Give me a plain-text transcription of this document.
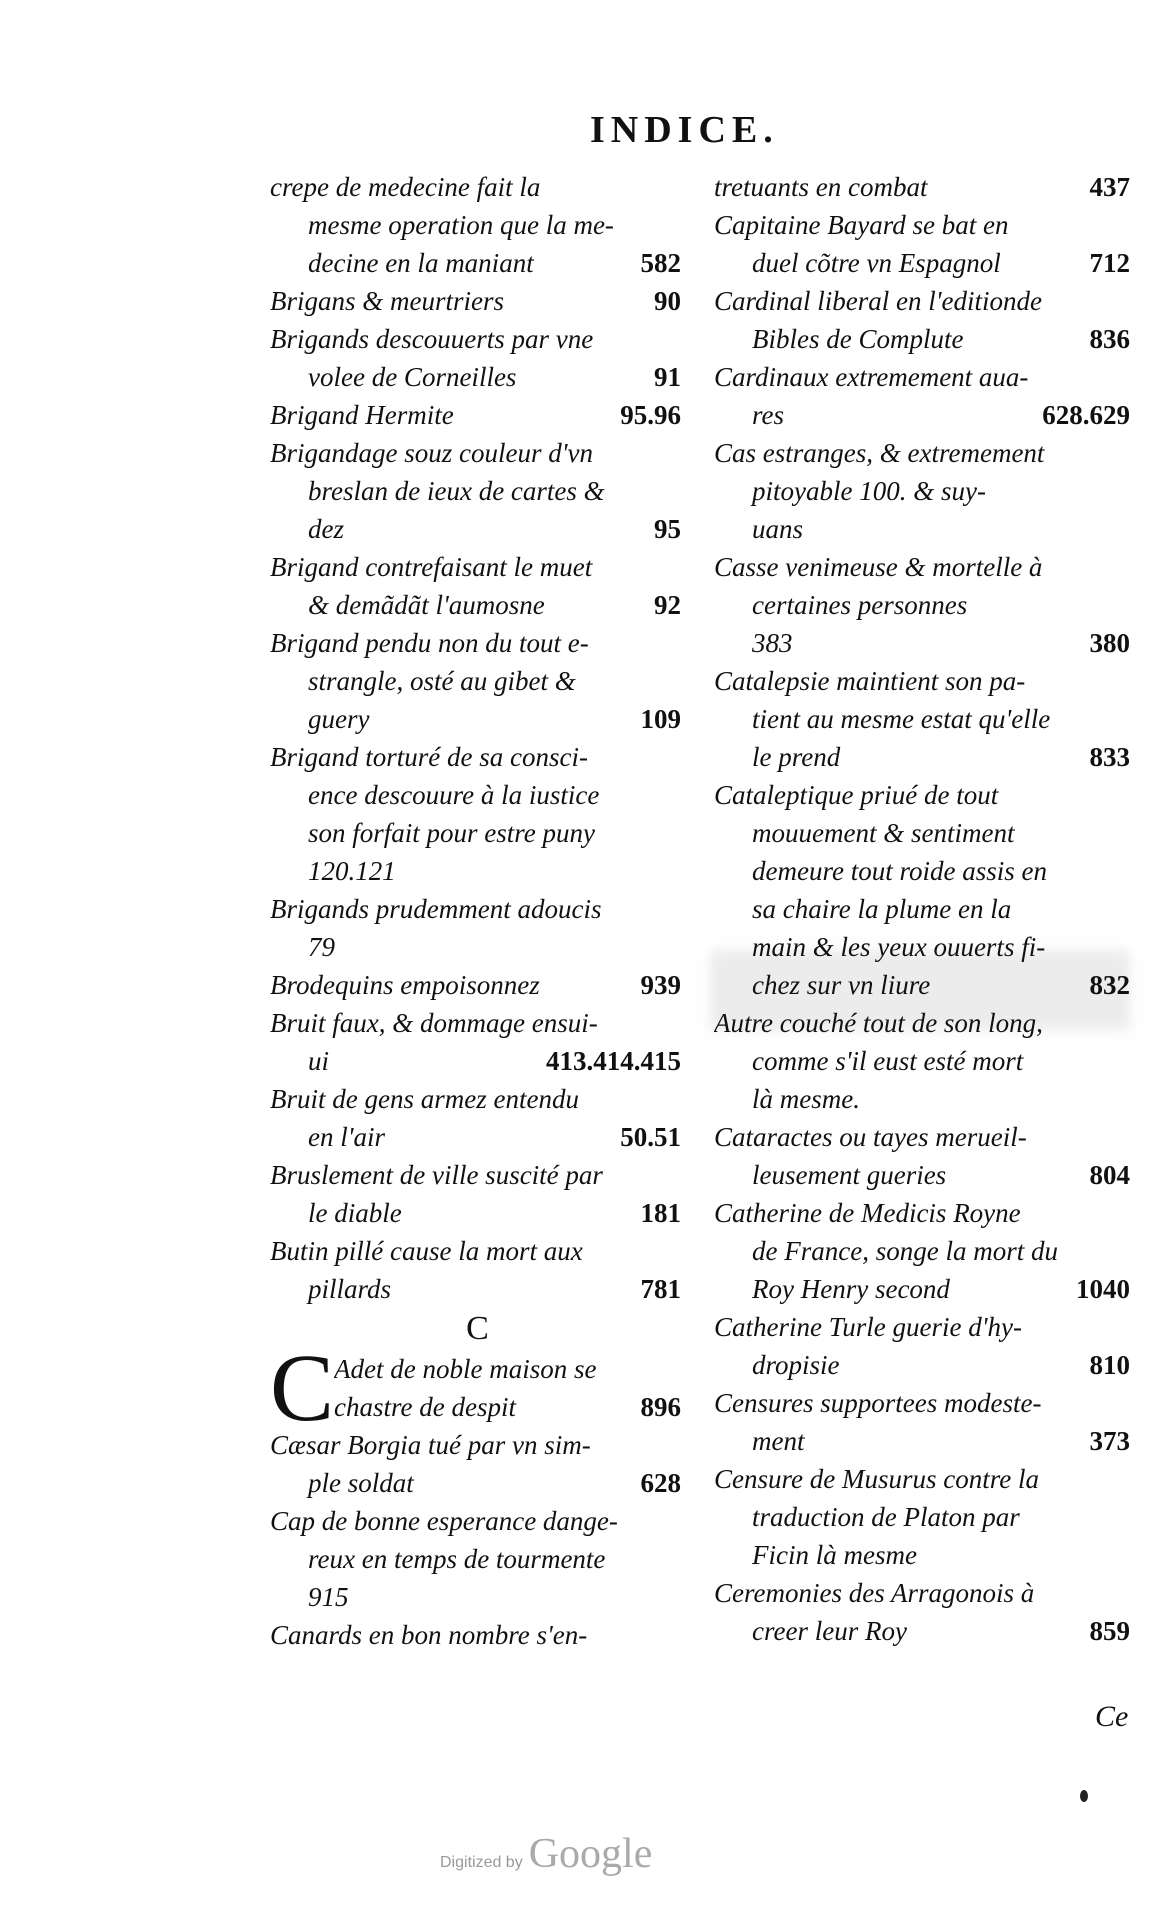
INDICE.
crepe de medecine fait la
mesme operation que la me-
decine en la maniant	582
Brigans & meurtriers	90
Brigands descouuerts par vne
volee de Corneilles	91
Brigand Hermite	95.96
Brigandage souz couleur d'vn
breslan de ieux de cartes &
dez	95
Brigand contrefaisant le muet
& demãdãt l'aumosne	92
Brigand pendu non du tout e-
strangle, osté au gibet &
guery	109
Brigand torturé de sa consci-
ence descouure à la iustice
son forfait pour estre puny
120.121
Brigands prudemment adoucis
79
Brodequins empoisonnez	939
Bruit faux, & dommage ensui-
ui	413.414.415
Bruit de gens armez entendu
en l'air	50.51
Bruslement de ville suscité par
le diable	181
Butin pillé cause la mort aux
pillards	781
C
C Adet de noble maison se
chastre de despit	896
Cæsar Borgia tué par vn sim-
ple soldat	628
Cap de bonne esperance dange-
reux en temps de tourmente
915
Canards en bon nombre s'en-
tretuants en combat	437
Capitaine Bayard se bat en
duel cõtre vn Espagnol	712
Cardinal liberal en l'editionde
Bibles de Complute	836
Cardinaux extremement aua-
res	628.629
Cas estranges, & extremement
pitoyable 100. & suy-
uans
Casse venimeuse & mortelle à
certaines personnes
383	380
Catalepsie maintient son pa-
tient au mesme estat qu'elle
le prend	833
Cataleptique priué de tout
mouuement & sentiment
demeure tout roide assis en
sa chaire la plume en la
main & les yeux ouuerts fi-
chez sur vn liure	832
Autre couché tout de son long,
comme s'il eust esté mort
là mesme.
Cataractes ou tayes merueil-
leusement gueries	804
Catherine de Medicis Royne
de France, songe la mort du
Roy Henry second	1040
Catherine Turle guerie d'hy-
dropisie	810
Censures supportees modeste-
ment	373
Censure de Musurus contre la
traduction de Platon par
Ficin là mesme
Ceremonies des Arragonois à
creer leur Roy	859
Ce
Digitized by Google
